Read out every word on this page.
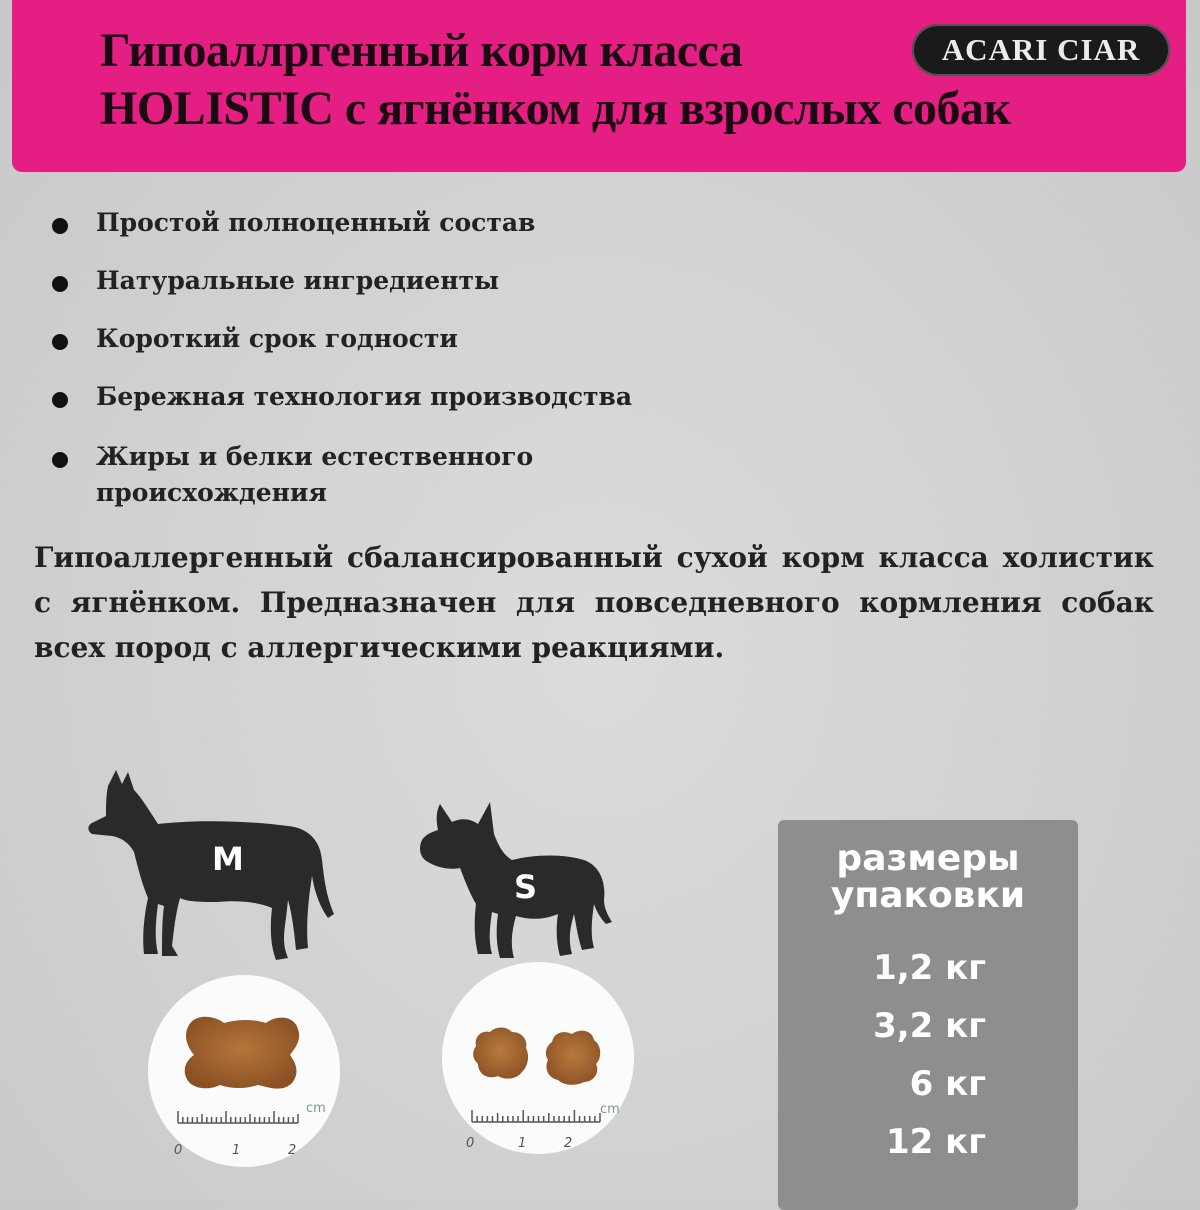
Гипоаллргенный корм класса
HOLISTIC с ягнёнком для взрослых собак
ACARI CIAR
Простой полноценный состав
Натуральные ингредиенты
Короткий срок годности
Бережная технология производства
Жиры и белки естественного происхождения

Гипоаллергенный сбалансированный сухой корм класса холистик с ягнёнком. Предназначен для повседневного кормления собак всех пород с аллергическими реакциями.

M
S
cm
0	1	2
cm
0	1	2
размеры
упаковки
1,2 кг
3,2 кг
6 кг
12 кг
